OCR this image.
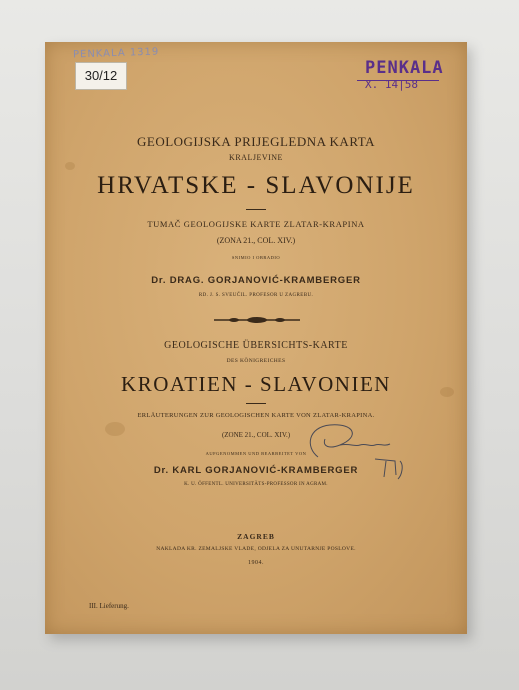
PENKALA 1319
30/12	PENKALA
X. 14|58
GEOLOGIJSKA PRIJEGLEDNA KARTA
KRALJEVINE
HRVATSKE - SLAVONIJE
TUMAČ GEOLOGIJSKE KARTE ZLATAR-KRAPINA
(ZONA 21., COL. XIV.)
SNIMIO I OBRADIO
Dr. DRAG. GORJANOVIĆ-KRAMBERGER
RD. J. S. SVEUČIL. PROFESOR U ZAGREBU.
GEOLOGISCHE ÜBERSICHTS-KARTE
DES KÖNIGREICHES
KROATIEN - SLAVONIEN
ERLÄUTERUNGEN ZUR GEOLOGISCHEN KARTE VON ZLATAR-KRAPINA.
(ZONE 21., COL. XIV.)
AUFGENOMMEN UND BEARBEITET VON
Dr. KARL GORJANOVIĆ-KRAMBERGER
K. U. ÖFFENTL. UNIVERSITÄTS-PROFESSOR IN AGRAM.
ZAGREB
NAKLADA KR. ZEMALJSKE VLADE, ODJELA ZA UNUTARNJE POSLOVE.
1904.
III. Lieferung.
